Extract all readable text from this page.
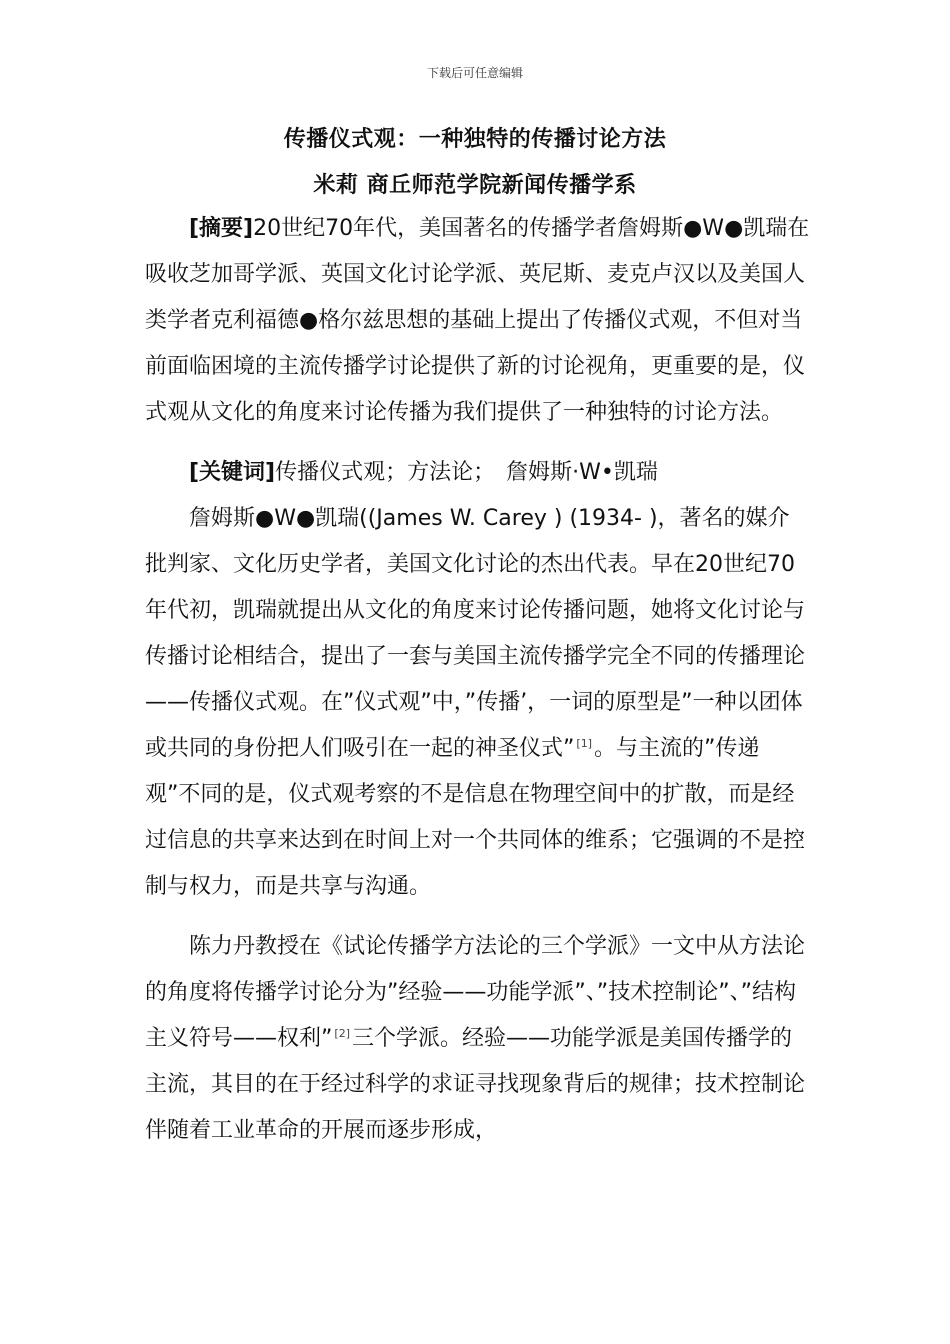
下载后可任意编辑
传播仪式观：一种独特的传播讨论方法
米莉 商丘师范学院新闻传播学系

[摘要]20世纪70年代，美国著名的传播学者詹姆斯●W●凯瑞在吸收芝加哥学派、英国文化讨论学派、英尼斯、麦克卢汉以及美国人类学者克利福德●格尔兹思想的基础上提出了传播仪式观，不但对当前面临困境的主流传播学讨论提供了新的讨论视角，更重要的是，仪式观从文化的角度来讨论传播为我们提供了一种独特的讨论方法。

[关键词]传播仪式观；方法论；　詹姆斯·W•凯瑞

詹姆斯●W●凯瑞((James W. Carey ) (1934- )，著名的媒介批判家、文化历史学者，美国文化讨论的杰出代表。早在20世纪70年代初，凯瑞就提出从文化的角度来讨论传播问题，她将文化讨论与传播讨论相结合，提出了一套与美国主流传播学完全不同的传播理论——传播仪式观。在”仪式观”中，”传播’，一词的原型是”一种以团体或共同的身份把人们吸引在一起的神圣仪式” [1]。与主流的”传递观”不同的是，仪式观考察的不是信息在物理空间中的扩散，而是经过信息的共享来达到在时间上对一个共同体的维系；它强调的不是控制与权力，而是共享与沟通。

陈力丹教授在《试论传播学方法论的三个学派》一文中从方法论的角度将传播学讨论分为”经验——功能学派”、”技术控制论”、”结构主义符号——权利” [2]三个学派。经验——功能学派是美国传播学的主流，其目的在于经过科学的求证寻找现象背后的规律；技术控制论伴随着工业革命的开展而逐步形成，
